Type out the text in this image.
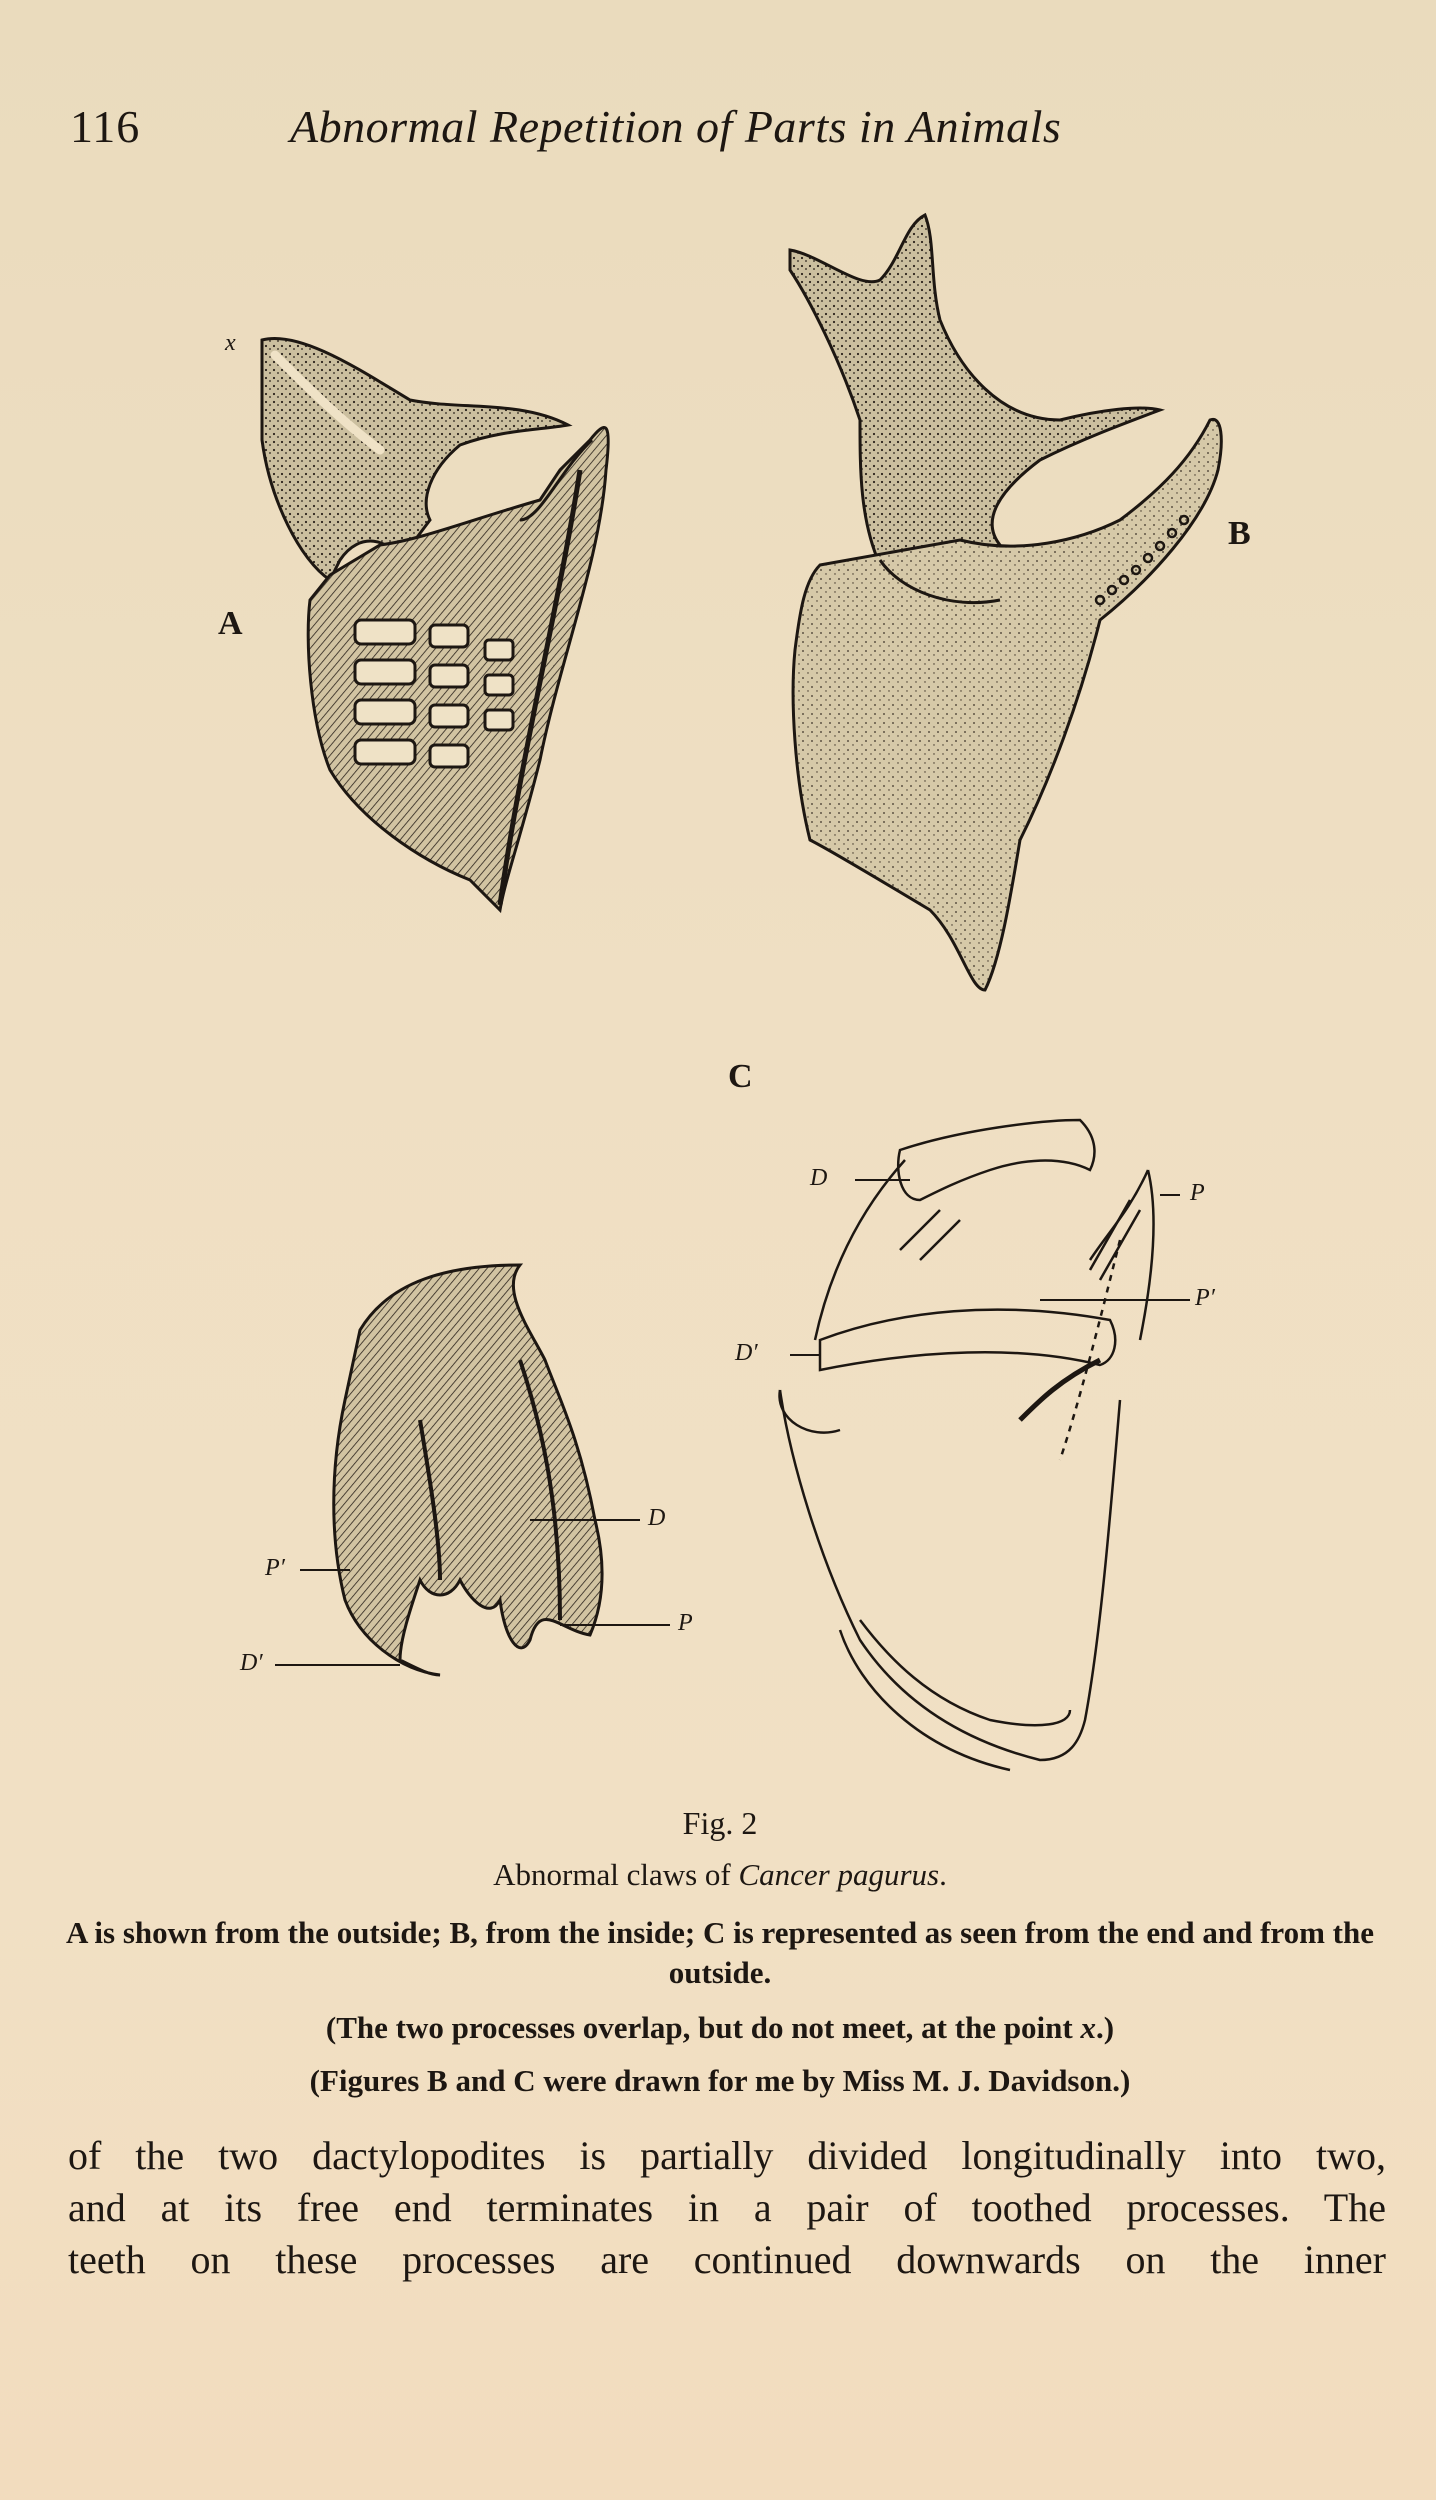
116	Abnormal Repetition of Parts in Animals
A
B
C
x
D
P
P′
D′
D
P′
P
D′
Fig. 2
Abnormal claws of Cancer pagurus.
A is shown from the outside; B, from the inside; C is represented as seen from the end and from the outside.
(The two processes overlap, but do not meet, at the point x.)
(Figures B and C were drawn for me by Miss M. J. Davidson.)
of the two dactylopodites is partially divided longitudinally into two,
and at its free end terminates in a pair of toothed processes. The
teeth on these processes are continued downwards on the inner
